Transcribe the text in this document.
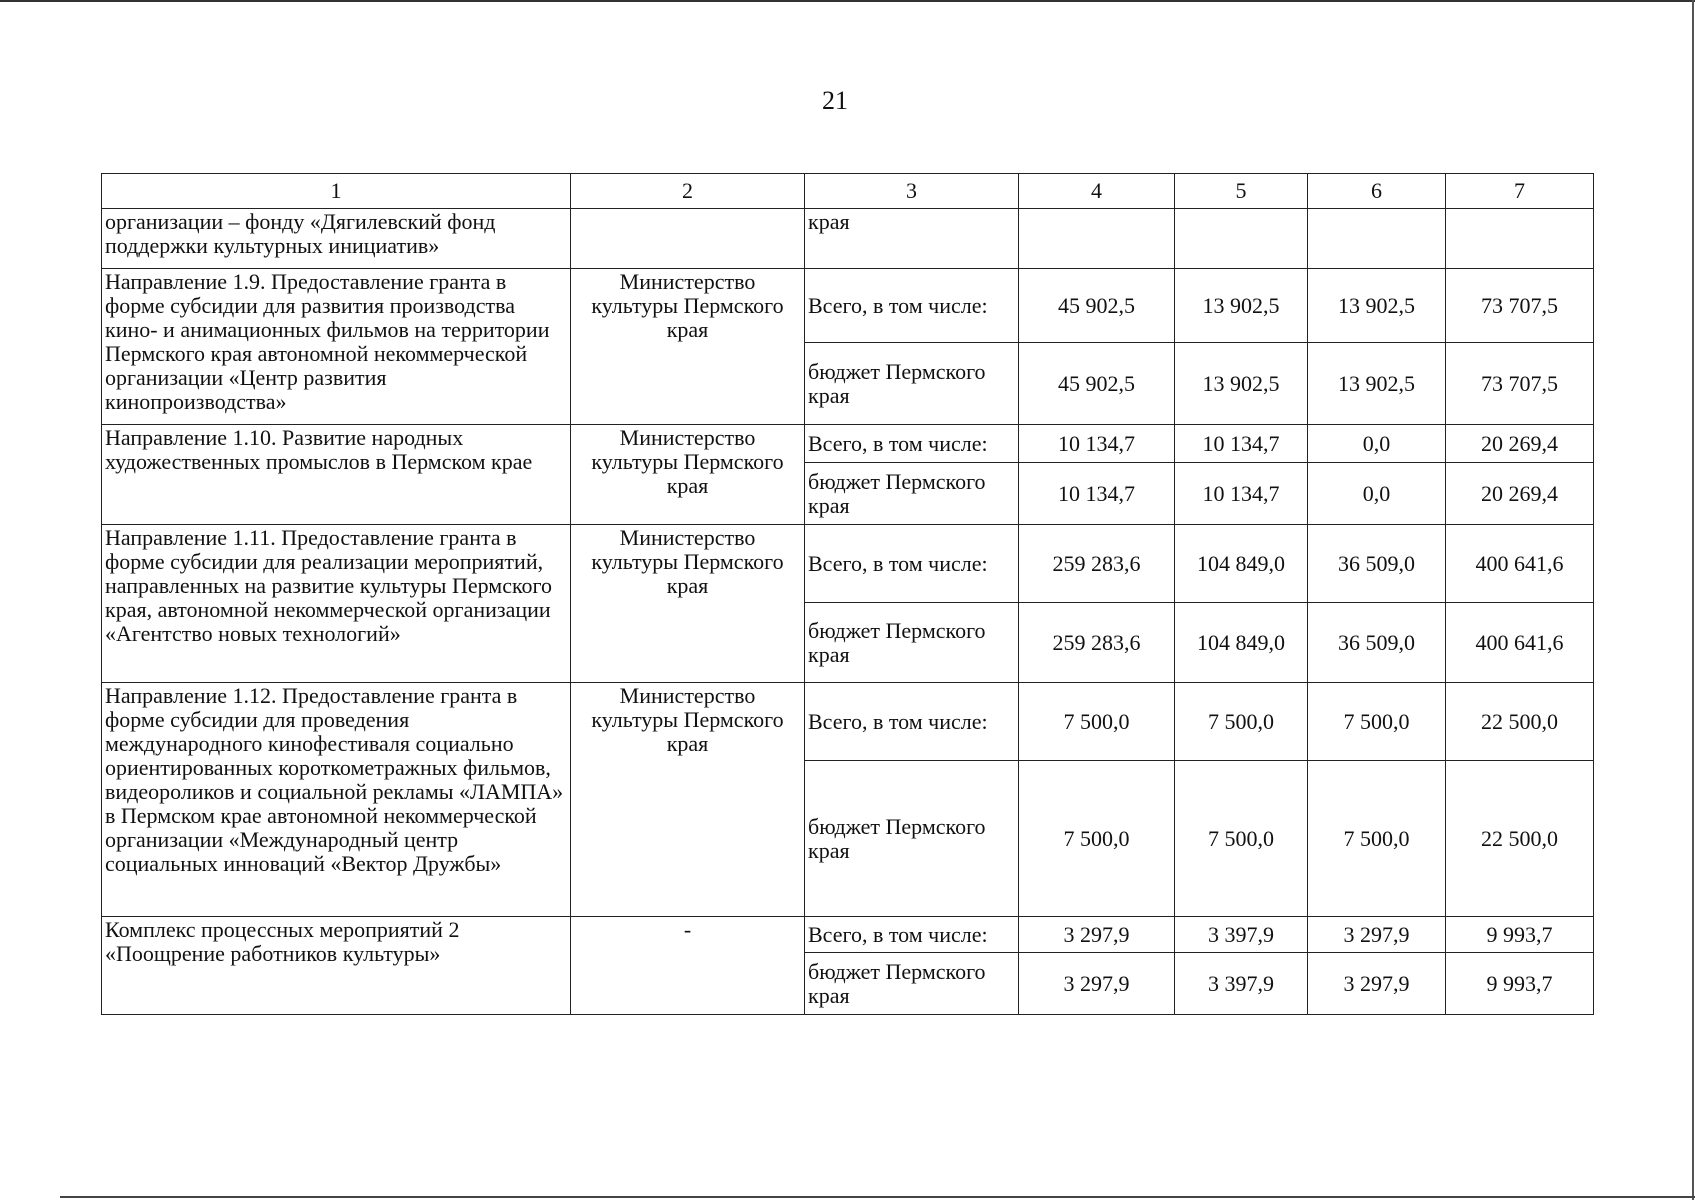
21
1	2	3	4	5	6	7
организации – фонду «Дягилевский фонд поддержки культурных инициатив»		края				
Направление 1.9. Предоставление гранта в форме субсидии для развития производства кино- и анимационных фильмов на территории Пермского края автономной некоммерческой организации «Центр развития кинопроизводства»	Министерство культуры Пермского края	Всего, в том числе:	45 902,5	13 902,5	13 902,5	73 707,5
		бюджет Пермского края	45 902,5	13 902,5	13 902,5	73 707,5
Направление 1.10. Развитие народных художественных промыслов в Пермском крае	Министерство культуры Пермского края	Всего, в том числе:	10 134,7	10 134,7	0,0	20 269,4
		бюджет Пермского края	10 134,7	10 134,7	0,0	20 269,4
Направление 1.11. Предоставление гранта в форме субсидии для реализации мероприятий, направленных на развитие культуры Пермского края, автономной некоммерческой организации «Агентство новых технологий»	Министерство культуры Пермского края	Всего, в том числе:	259 283,6	104 849,0	36 509,0	400 641,6
		бюджет Пермского края	259 283,6	104 849,0	36 509,0	400 641,6
Направление 1.12. Предоставление гранта в форме субсидии для проведения международного кинофестиваля социально ориентированных короткометражных фильмов, видеороликов и социальной рекламы «ЛАМПА» в Пермском крае автономной некоммерческой организации «Международный центр социальных инноваций «Вектор Дружбы»	Министерство культуры Пермского края	Всего, в том числе:	7 500,0	7 500,0	7 500,0	22 500,0
		бюджет Пермского края	7 500,0	7 500,0	7 500,0	22 500,0
Комплекс процессных мероприятий 2 «Поощрение работников культуры»	-	Всего, в том числе:	3 297,9	3 397,9	3 297,9	9 993,7
		бюджет Пермского края	3 297,9	3 397,9	3 297,9	9 993,7
